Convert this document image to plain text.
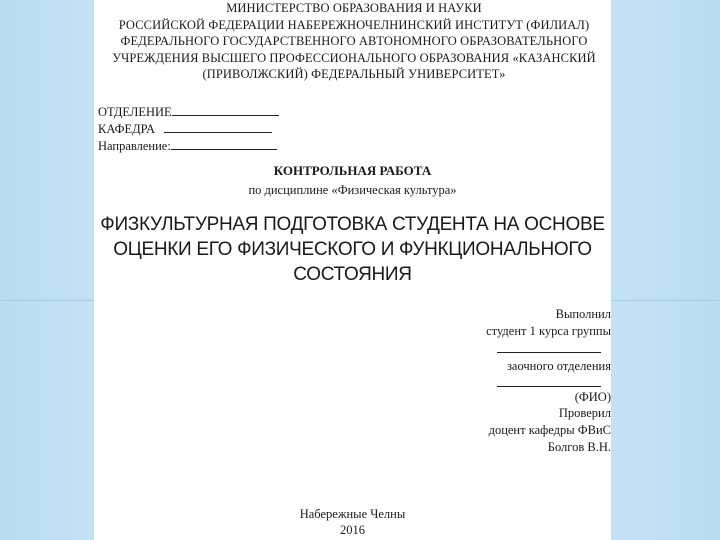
МИНИСТЕРСТВО ОБРАЗОВАНИЯ И НАУКИ
РОССИЙСКОЙ ФЕДЕРАЦИИ НАБЕРЕЖНОЧЕЛНИНСКИЙ ИНСТИТУТ (ФИЛИАЛ)
ФЕДЕРАЛЬНОГО ГОСУДАРСТВЕННОГО АВТОНОМНОГО ОБРАЗОВАТЕЛЬНОГО
УЧРЕЖДЕНИЯ ВЫСШЕГО ПРОФЕССИОНАЛЬНОГО ОБРАЗОВАНИЯ «КАЗАНСКИЙ
(ПРИВОЛЖСКИЙ) ФЕДЕРАЛЬНЫЙ УНИВЕРСИТЕТ»
ОТДЕЛЕНИЕ
КАФЕДРА
Направление:
КОНТРОЛЬНАЯ РАБОТА
по дисциплине «Физическая культура»
ФИЗКУЛЬТУРНАЯ ПОДГОТОВКА СТУДЕНТА НА ОСНОВЕ
ОЦЕНКИ ЕГО ФИЗИЧЕСКОГО И ФУНКЦИОНАЛЬНОГО
СОСТОЯНИЯ
Выполнил
студент 1 курса группы
заочного отделения
(ФИО)
Проверил
доцент кафедры ФВиС
Болгов В.Н.
Набережные Челны
2016
